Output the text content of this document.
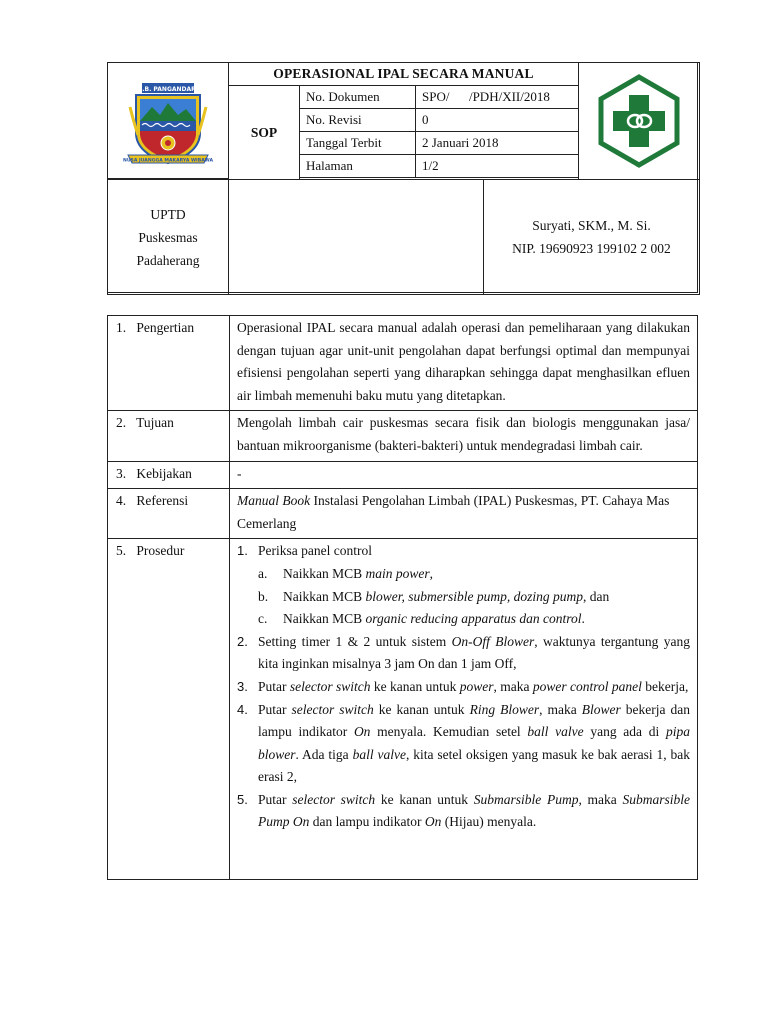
K.A.B. PANGANDARAN
NUSA JUANGGA MAKARYA WIBAWA
OPERASIONAL IPAL SECARA MANUAL
SOP
No. Dokumen	SPO/      /PDH/XII/2018
No. Revisi	0
Tanggal Terbit	2 Januari 2018
Halaman	1/2
UPTD
Puskesmas
Padaherang
Suryati, SKM., M. Si.
NIP. 19690923 199102 2 002
1. Pengertian	Operasional IPAL secara manual adalah operasi dan pemeliharaan yang dilakukan dengan tujuan agar unit-unit pengolahan dapat berfungsi optimal dan mempunyai efisiensi pengolahan seperti yang diharapkan sehingga dapat menghasilkan efluen air limbah memenuhi baku mutu yang ditetapkan.

2. Tujuan	Mengolah limbah cair puskesmas secara fisik dan biologis menggunakan jasa/ bantuan mikroorganisme (bakteri-bakteri) untuk mendegradasi limbah cair.

3. Kebijakan	-

4. Referensi	Manual Book Instalasi Pengolahan Limbah (IPAL) Puskesmas, PT. Cahaya Mas Cemerlang

5. Prosedur	1. Periksa panel control
a. Naikkan MCB main power,
b. Naikkan MCB blower, submersible pump, dozing pump, dan
c. Naikkan MCB organic reducing apparatus dan control.
2. Setting timer 1 & 2 untuk sistem On-Off Blower, waktunya tergantung yang kita inginkan misalnya 3 jam On dan 1 jam Off,
3. Putar selector switch ke kanan untuk power, maka power control panel bekerja,
4. Putar selector switch ke kanan untuk Ring Blower, maka Blower bekerja dan lampu indikator On menyala. Kemudian setel ball valve yang ada di pipa blower. Ada tiga ball valve, kita setel oksigen yang masuk ke bak aerasi 1, bak erasi 2,
5. Putar selector switch ke kanan untuk Submarsible Pump, maka Submarsible Pump On dan lampu indikator On (Hijau) menyala.
